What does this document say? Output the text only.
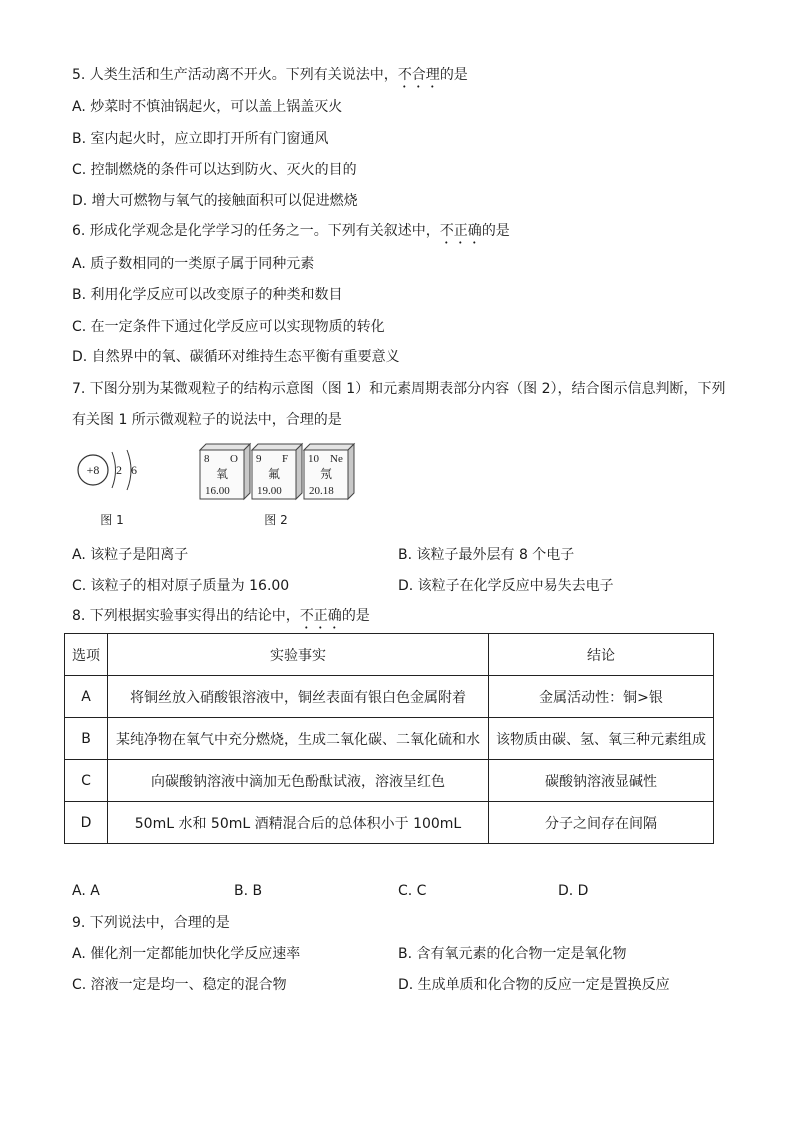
5. 人类生活和生产活动离不开火。下列有关说法中，不合理的是
A. 炒菜时不慎油锅起火，可以盖上锅盖灭火
B. 室内起火时，应立即打开所有门窗通风
C. 控制燃烧的条件可以达到防火、灭火的目的
D. 增大可燃物与氧气的接触面积可以促进燃烧
6. 形成化学观念是化学学习的任务之一。下列有关叙述中，不正确的是
A. 质子数相同的一类原子属于同种元素
B. 利用化学反应可以改变原子的种类和数目
C. 在一定条件下通过化学反应可以实现物质的转化
D. 自然界中的氧、碳循环对维持生态平衡有重要意义
7. 下图分别为某微观粒子的结构示意图（图 1）和元素周期表部分内容（图 2），结合图示信息判断，下列
有关图 1 所示微观粒子的说法中，合理的是
+8 2 6
图 1
8 O
氧
16.00
9 F
氟
19.00
10 Ne
氖
20.18
图 2
A. 该粒子是阳离子	B. 该粒子最外层有 8 个电子
C. 该粒子的相对原子质量为 16.00	D. 该粒子在化学反应中易失去电子
8. 下列根据实验事实得出的结论中，不正确的是
选项	实验事实	结论
A	将铜丝放入硝酸银溶液中，铜丝表面有银白色金属附着	金属活动性：铜>银
B	某纯净物在氧气中充分燃烧，生成二氧化碳、二氧化硫和水	该物质由碳、氢、氧三种元素组成
C	向碳酸钠溶液中滴加无色酚酞试液，溶液呈红色	碳酸钠溶液显碱性
D	50mL 水和 50mL 酒精混合后的总体积小于 100mL	分子之间存在间隔
A. A	B. B	C. C	D. D
9. 下列说法中，合理的是
A. 催化剂一定都能加快化学反应速率	B. 含有氧元素的化合物一定是氧化物
C. 溶液一定是均一、稳定的混合物	D. 生成单质和化合物的反应一定是置换反应
